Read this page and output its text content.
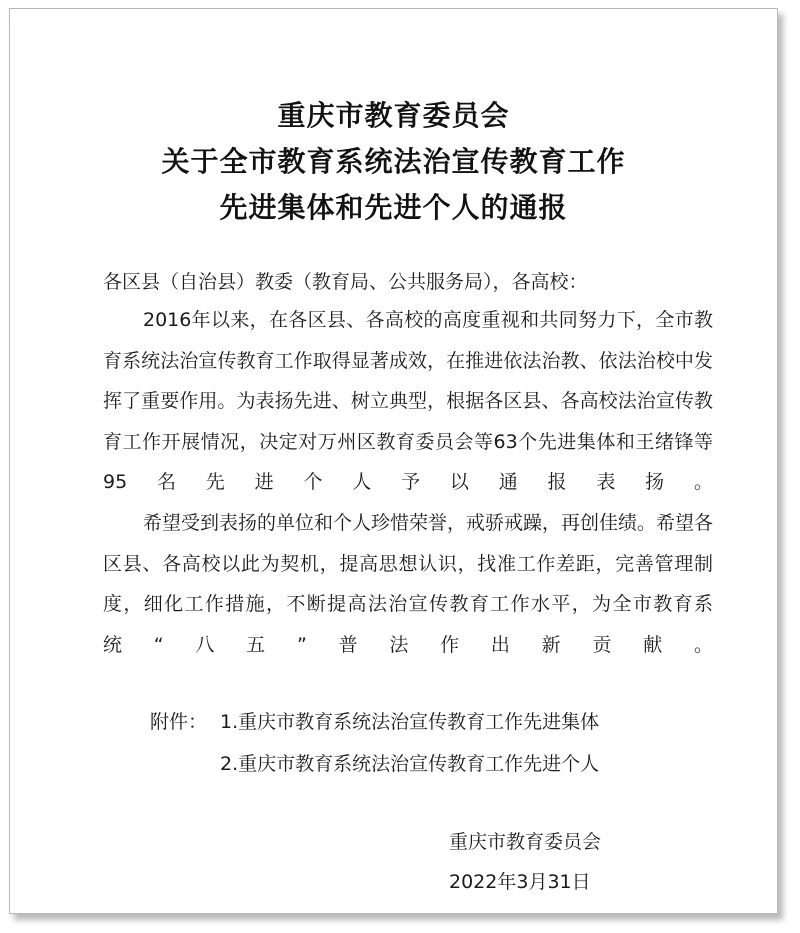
重庆市教育委员会
关于全市教育系统法治宣传教育工作
先进集体和先进个人的通报
各区县（自治县）教委（教育局、公共服务局），各高校：
2016年以来，在各区县、各高校的高度重视和共同努力下，全市教育系统法治宣传教育工作取得显著成效，在推进依法治教、依法治校中发挥了重要作用。为表扬先进、树立典型，根据各区县、各高校法治宣传教育工作开展情况，决定对万州区教育委员会等63个先进集体和王绪锋等95名先进个人予以通报表扬。
希望受到表扬的单位和个人珍惜荣誉，戒骄戒躁，再创佳绩。希望各区县、各高校以此为契机，提高思想认识，找准工作差距，完善管理制度，细化工作措施，不断提高法治宣传教育工作水平，为全市教育系统“八五”普法作出新贡献。
附件： 1.重庆市教育系统法治宣传教育工作先进集体
2.重庆市教育系统法治宣传教育工作先进个人
重庆市教育委员会
2022年3月31日
